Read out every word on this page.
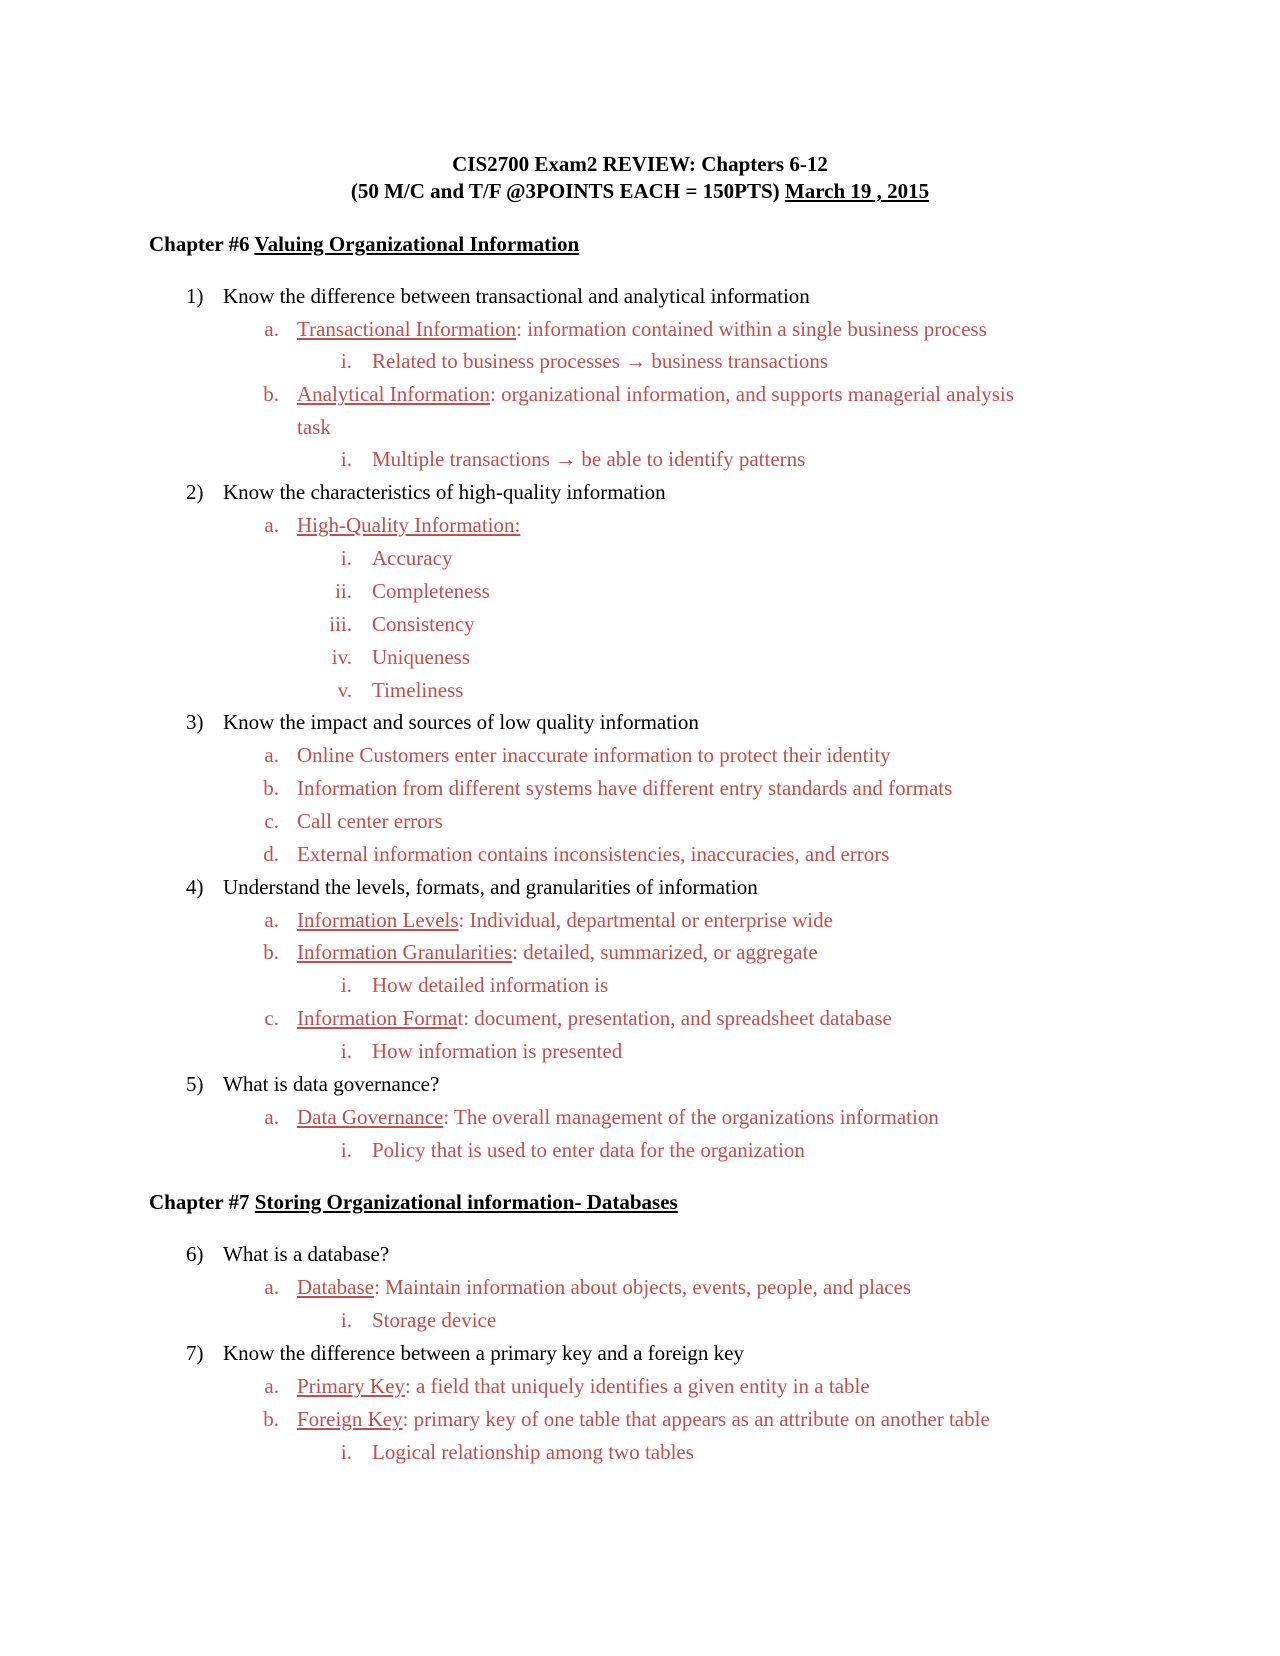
CIS2700 Exam2 REVIEW: Chapters 6-12
(50 M/C and T/F @3POINTS EACH = 150PTS) March 19 , 2015
Chapter #6 Valuing Organizational Information
1) Know the difference between transactional and analytical information
a. Transactional Information: information contained within a single business process
i. Related to business processes → business transactions
b. Analytical Information: organizational information, and supports managerial analysis
task
i. Multiple transactions → be able to identify patterns
2) Know the characteristics of high-quality information
a. High-Quality Information:
i. Accuracy
ii. Completeness
iii. Consistency
iv. Uniqueness
v. Timeliness
3) Know the impact and sources of low quality information
a. Online Customers enter inaccurate information to protect their identity
b. Information from different systems have different entry standards and formats
c. Call center errors
d. External information contains inconsistencies, inaccuracies, and errors
4) Understand the levels, formats, and granularities of information
a. Information Levels: Individual, departmental or enterprise wide
b. Information Granularities: detailed, summarized, or aggregate
i. How detailed information is
c. Information Format: document, presentation, and spreadsheet database
i. How information is presented
5) What is data governance?
a. Data Governance: The overall management of the organizations information
i. Policy that is used to enter data for the organization
Chapter #7 Storing Organizational information- Databases
6) What is a database?
a. Database: Maintain information about objects, events, people, and places
i. Storage device
7) Know the difference between a primary key and a foreign key
a. Primary Key: a field that uniquely identifies a given entity in a table
b. Foreign Key: primary key of one table that appears as an attribute on another table
i. Logical relationship among two tables
